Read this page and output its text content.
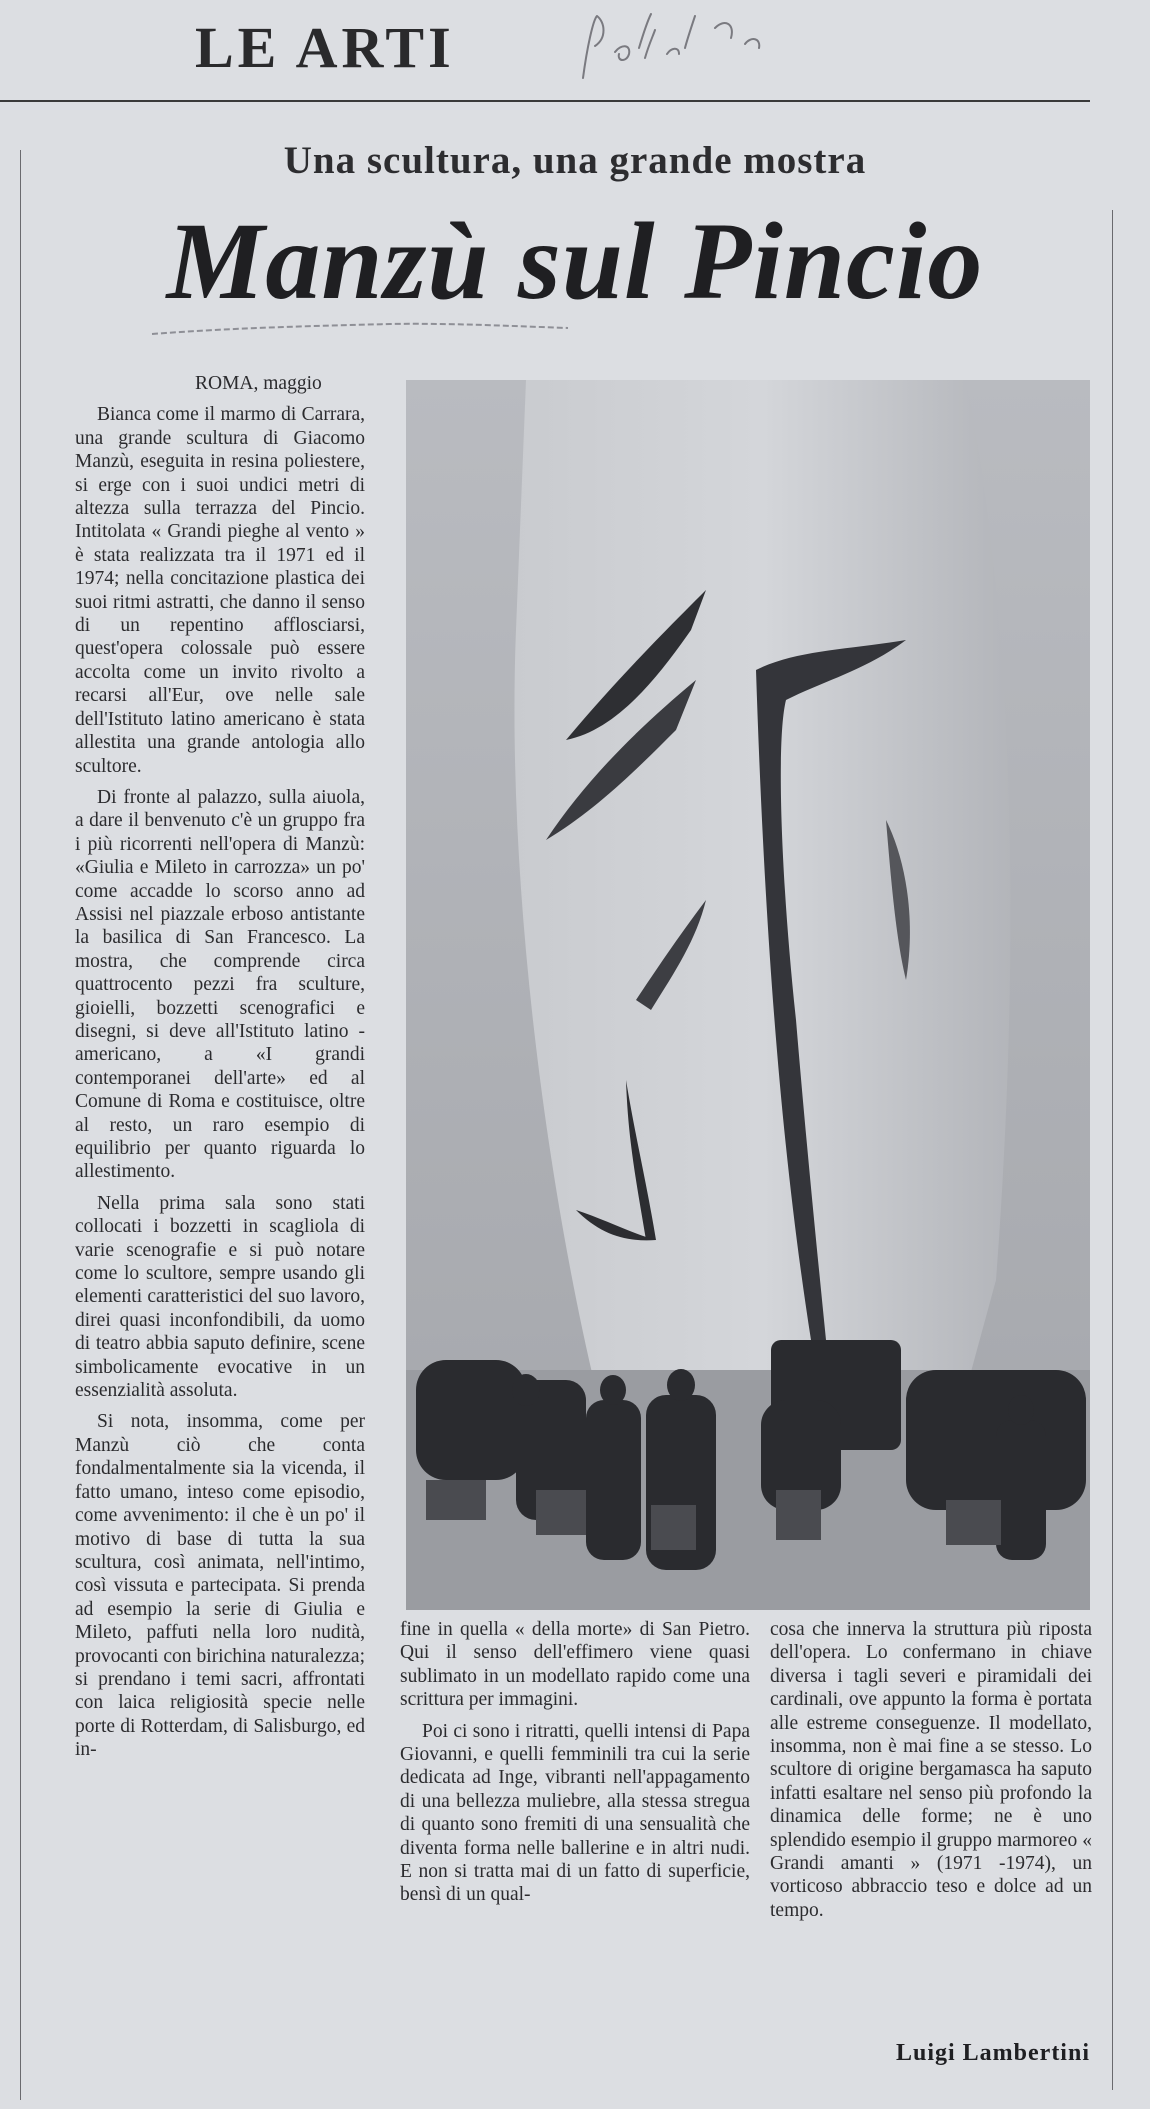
LE ARTI
Una scultura, una grande mostra
Manzù sul Pincio

ROMA, maggio

Bianca come il marmo di Carrara, una grande scultura di Giacomo Manzù, eseguita in resina poliestere, si erge con i suoi undici metri di altezza sulla terrazza del Pincio. Intitolata « Grandi pieghe al vento » è stata realizzata tra il 1971 ed il 1974; nella concitazione plastica dei suoi ritmi astratti, che danno il senso di un repentino afflosciarsi, quest'opera colossale può essere accolta come un invito rivolto a recarsi all'Eur, ove nelle sale dell'Istituto latino americano è stata allestita una grande antologia allo scultore.

Di fronte al palazzo, sulla aiuola, a dare il benvenuto c'è un gruppo fra i più ricorrenti nell'opera di Manzù: «Giulia e Mileto in carrozza» un po' come accadde lo scorso anno ad Assisi nel piazzale erboso antistante la basilica di San Francesco. La mostra, che comprende circa quattrocento pezzi fra sculture, gioielli, bozzetti scenografici e disegni, si deve all'Istituto latino - americano, a «I grandi contemporanei dell'arte» ed al Comune di Roma e costituisce, oltre al resto, un raro esempio di equilibrio per quanto riguarda lo allestimento.

Nella prima sala sono stati collocati i bozzetti in scagliola di varie scenografie e si può notare come lo scultore, sempre usando gli elementi caratteristici del suo lavoro, direi quasi inconfondibili, da uomo di teatro abbia saputo definire, scene simbolicamente evocative in un essenzialità assoluta.

Si nota, insomma, come per Manzù ciò che conta fondalmentalmente sia la vicenda, il fatto umano, inteso come episodio, come avvenimento: il che è un po' il motivo di base di tutta la sua scultura, così animata, nell'intimo, così vissuta e partecipata. Si prenda ad esempio la serie di Giulia e Mileto, paffuti nella loro nudità, provocanti con birichina naturalezza; si prendano i temi sacri, affrontati con laica religiosità specie nelle porte di Rotterdam, di Salisburgo, ed in-

fine in quella « della morte» di San Pietro. Qui il senso dell'effimero viene quasi sublimato in un modellato rapido come una scrittura per immagini.

Poi ci sono i ritratti, quelli intensi di Papa Giovanni, e quelli femminili tra cui la serie dedicata ad Inge, vibranti nell'appagamento di una bellezza muliebre, alla stessa stregua di quanto sono fremiti di una sensualità che diventa forma nelle ballerine e in altri nudi. E non si tratta mai di un fatto di superficie, bensì di un qual-

cosa che innerva la struttura più riposta dell'opera. Lo confermano in chiave diversa i tagli severi e piramidali dei cardinali, ove appunto la forma è portata alle estreme conseguenze. Il modellato, insomma, non è mai fine a se stesso. Lo scultore di origine bergamasca ha saputo infatti esaltare nel senso più profondo la dinamica delle forme; ne è uno splendido esempio il gruppo marmoreo « Grandi amanti » (1971 -1974), un vorticoso abbraccio teso e dolce ad un tempo.

Luigi Lambertini
